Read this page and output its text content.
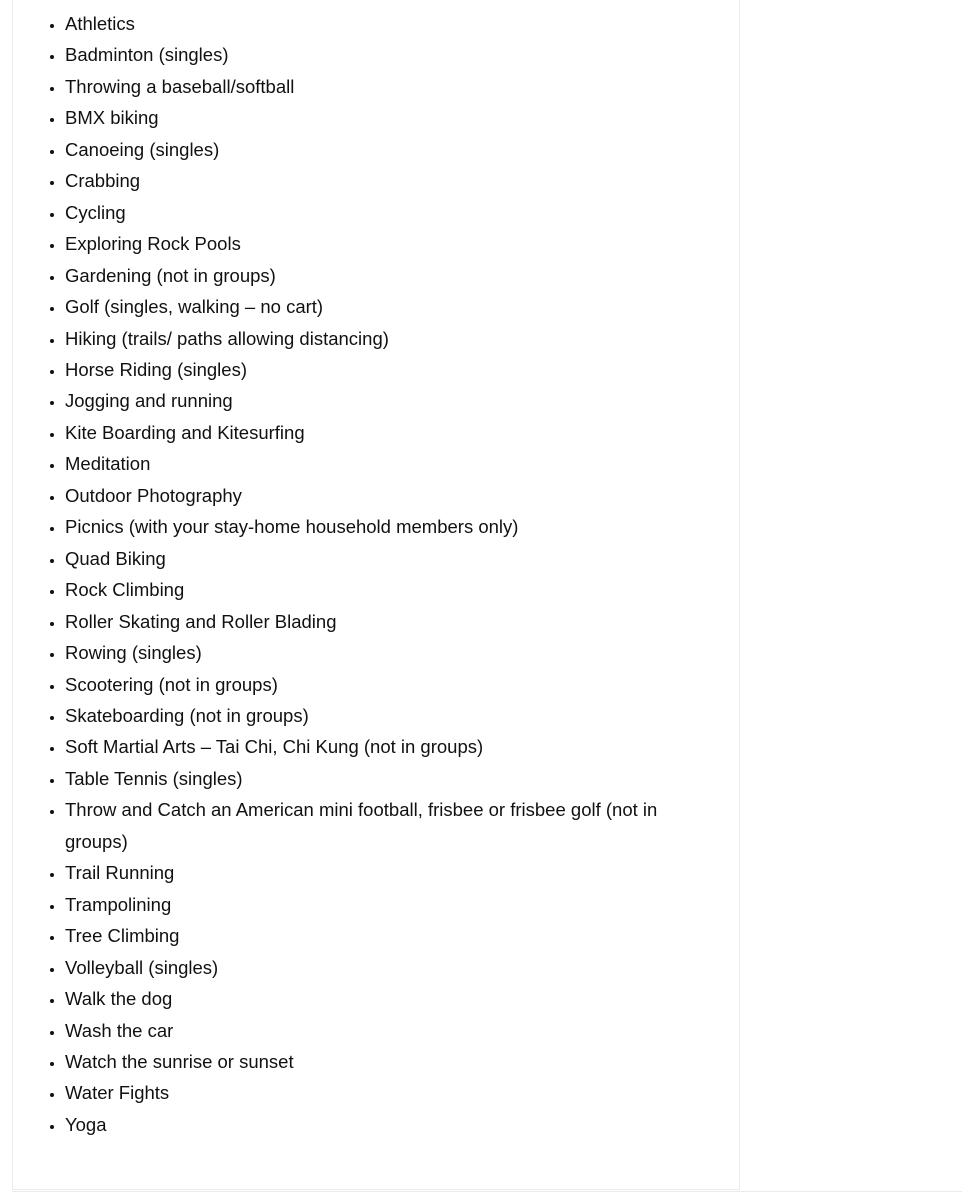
• Athletics
• Badminton (singles)
• Throwing a baseball/softball
• BMX biking
• Canoeing (singles)
• Crabbing
• Cycling
• Exploring Rock Pools
• Gardening (not in groups)
• Golf (singles, walking – no cart)
• Hiking (trails/ paths allowing distancing)
• Horse Riding (singles)
• Jogging and running
• Kite Boarding and Kitesurfing
• Meditation
• Outdoor Photography
• Picnics (with your stay-home household members only)
• Quad Biking
• Rock Climbing
• Roller Skating and Roller Blading
• Rowing (singles)
• Scootering (not in groups)
• Skateboarding (not in groups)
• Soft Martial Arts – Tai Chi, Chi Kung (not in groups)
• Table Tennis (singles)
• Throw and Catch an American mini football, frisbee or frisbee golf (not in groups)
• Trail Running
• Trampolining
• Tree Climbing
• Volleyball (singles)
• Walk the dog
• Wash the car
• Watch the sunrise or sunset
• Water Fights
• Yoga
